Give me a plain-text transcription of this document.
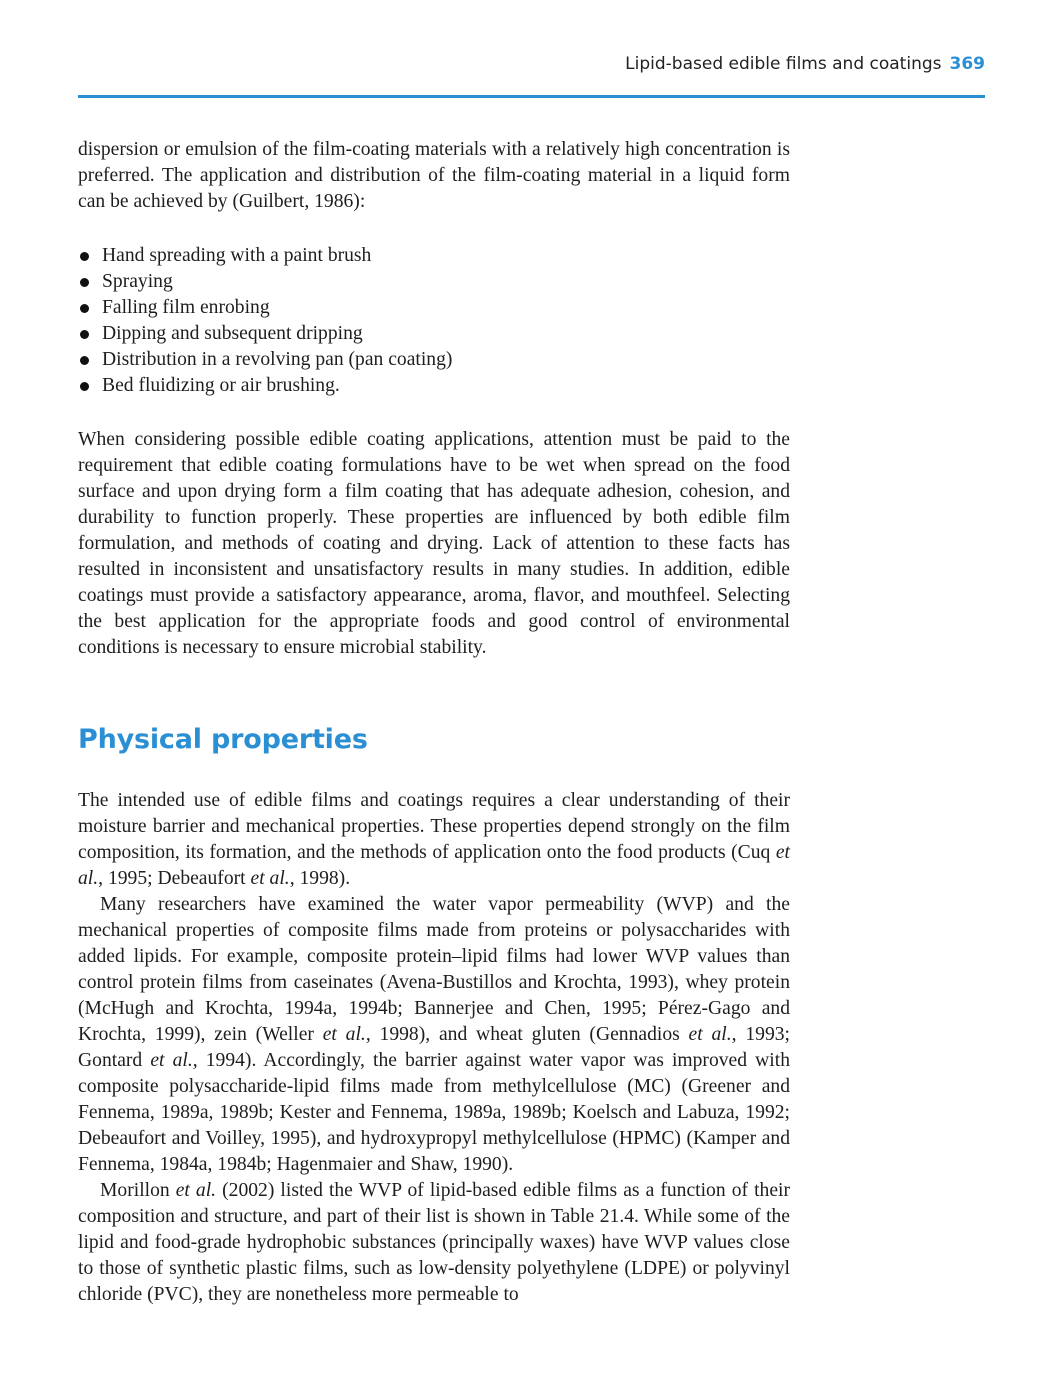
Lipid-based edible films and coatings 369

dispersion or emulsion of the film-coating materials with a relatively high concentration is preferred. The application and distribution of the film-coating material in a liquid form can be achieved by (Guilbert, 1986):

Hand spreading with a paint brush
Spraying
Falling film enrobing
Dipping and subsequent dripping
Distribution in a revolving pan (pan coating)
Bed fluidizing or air brushing.

When considering possible edible coating applications, attention must be paid to the requirement that edible coating formulations have to be wet when spread on the food surface and upon drying form a film coating that has adequate adhesion, cohesion, and durability to function properly. These properties are influenced by both edible film formulation, and methods of coating and drying. Lack of attention to these facts has resulted in inconsistent and unsatisfactory results in many studies. In addition, edible coatings must provide a satisfactory appearance, aroma, flavor, and mouthfeel. Selecting the best application for the appropriate foods and good control of environmental conditions is necessary to ensure microbial stability.

Physical properties

The intended use of edible films and coatings requires a clear understanding of their moisture barrier and mechanical properties. These properties depend strongly on the film composition, its formation, and the methods of application onto the food products (Cuq et al., 1995; Debeaufort et al., 1998).

Many researchers have examined the water vapor permeability (WVP) and the mechanical properties of composite films made from proteins or polysaccharides with added lipids. For example, composite protein–lipid films had lower WVP values than control protein films from caseinates (Avena-Bustillos and Krochta, 1993), whey protein (McHugh and Krochta, 1994a, 1994b; Bannerjee and Chen, 1995; Pérez-Gago and Krochta, 1999), zein (Weller et al., 1998), and wheat gluten (Gennadios et al., 1993; Gontard et al., 1994). Accordingly, the barrier against water vapor was improved with composite polysaccharide-lipid films made from methylcellulose (MC) (Greener and Fennema, 1989a, 1989b; Kester and Fennema, 1989a, 1989b; Koelsch and Labuza, 1992; Debeaufort and Voilley, 1995), and hydroxypropyl methylcellulose (HPMC) (Kamper and Fennema, 1984a, 1984b; Hagenmaier and Shaw, 1990).

Morillon et al. (2002) listed the WVP of lipid-based edible films as a function of their composition and structure, and part of their list is shown in Table 21.4. While some of the lipid and food-grade hydrophobic substances (principally waxes) have WVP values close to those of synthetic plastic films, such as low-density polyethylene (LDPE) or polyvinyl chloride (PVC), they are nonetheless more permeable to
